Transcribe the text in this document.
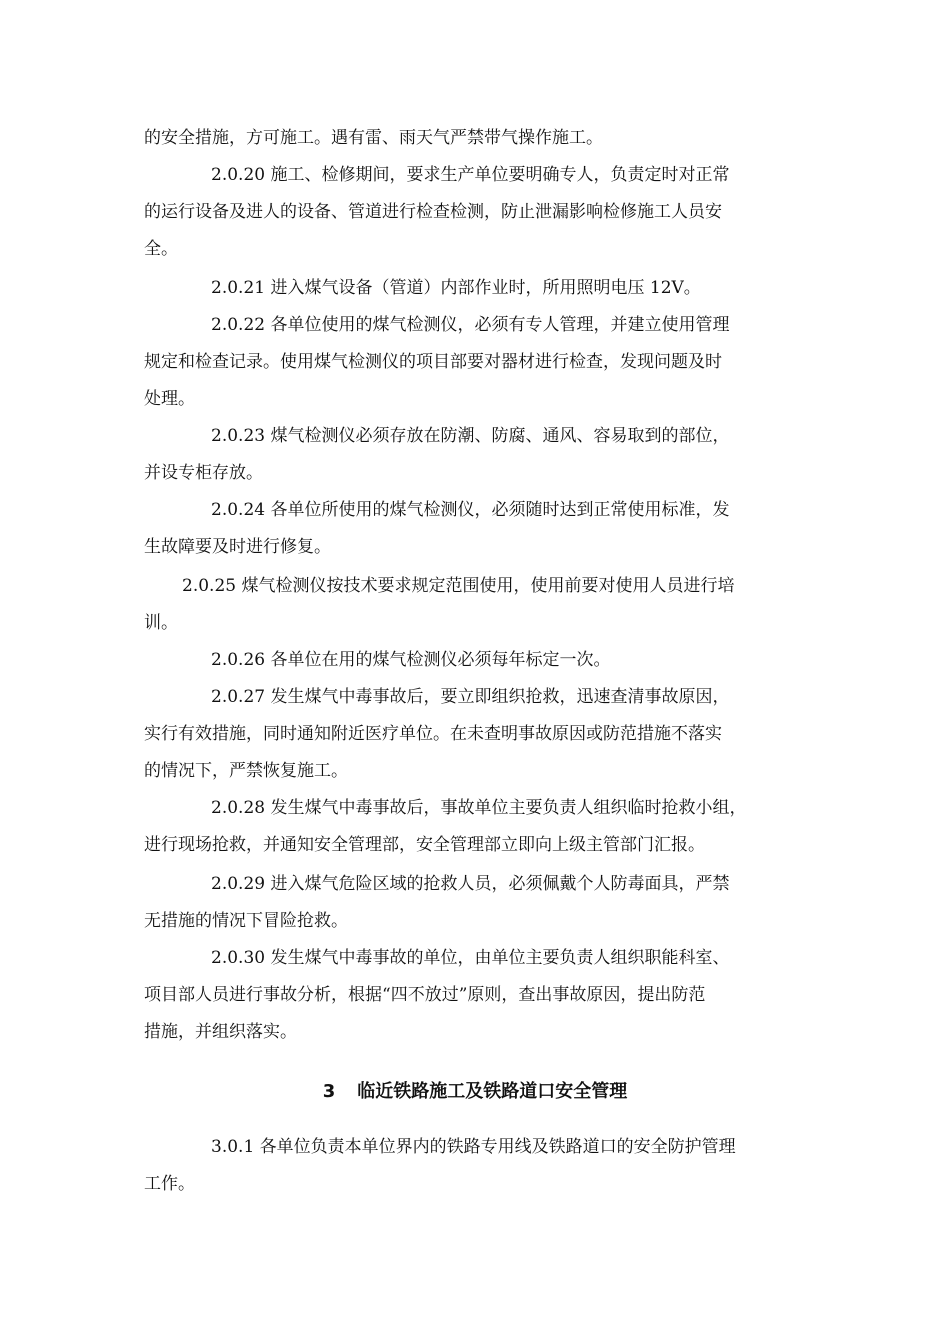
的安全措施，方可施工。遇有雷、雨天气严禁带气操作施工。
2.0.20 施工、检修期间，要求生产单位要明确专人，负责定时对正常
的运行设备及进人的设备、管道进行检查检测，防止泄漏影响检修施工人员安
全。
2.0.21 进入煤气设备（管道）内部作业时，所用照明电压 12V。
2.0.22 各单位使用的煤气检测仪，必须有专人管理，并建立使用管理
规定和检查记录。使用煤气检测仪的项目部要对器材进行检查，发现问题及时
处理。
2.0.23 煤气检测仪必须存放在防潮、防腐、通风、容易取到的部位，
并设专柜存放。
2.0.24 各单位所使用的煤气检测仪，必须随时达到正常使用标准，发
生故障要及时进行修复。
2.0.25 煤气检测仪按技术要求规定范围使用，使用前要对使用人员进行培
训。
2.0.26 各单位在用的煤气检测仪必须每年标定一次。
2.0.27 发生煤气中毒事故后，要立即组织抢救，迅速查清事故原因，
实行有效措施，同时通知附近医疗单位。在未查明事故原因或防范措施不落实
的情况下，严禁恢复施工。
2.0.28 发生煤气中毒事故后，事故单位主要负责人组织临时抢救小组，
进行现场抢救，并通知安全管理部，安全管理部立即向上级主管部门汇报。
2.0.29 进入煤气危险区域的抢救人员，必须佩戴个人防毒面具，严禁
无措施的情况下冒险抢救。
2.0.30 发生煤气中毒事故的单位，由单位主要负责人组织职能科室、
项目部人员进行事故分析，根据“四不放过”原则，查出事故原因，提出防范
措施，并组织落实。
3 临近铁路施工及铁路道口安全管理
3.0.1 各单位负责本单位界内的铁路专用线及铁路道口的安全防护管理
工作。
